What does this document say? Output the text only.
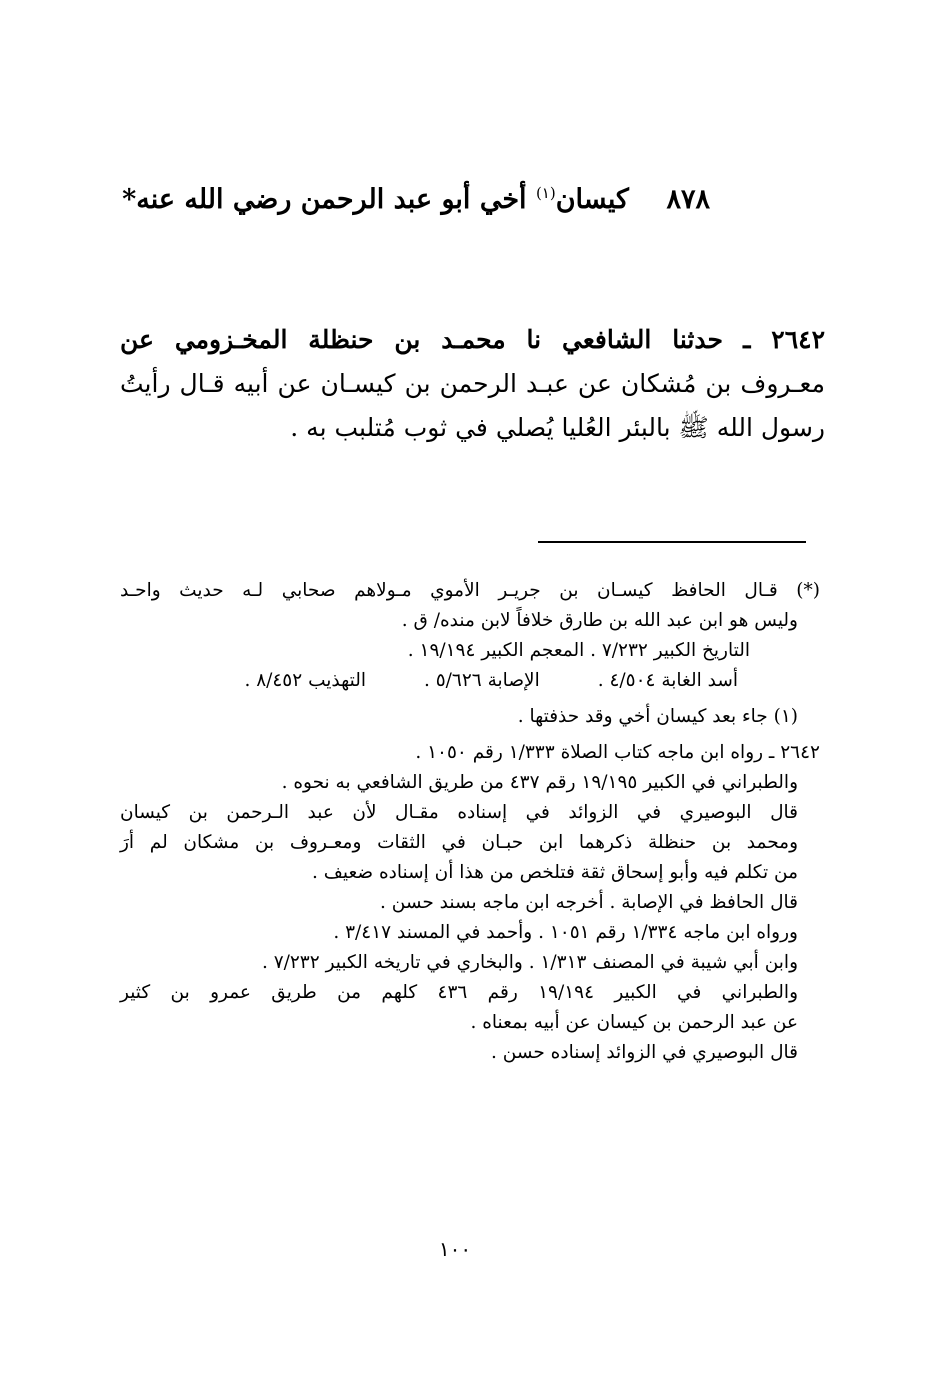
٨٧٨    كيسان$^{(١)}$ أخي أبو عبد الرحمن رضي الله عنه*
٢٦٤٢ ـ حدثنا الشافعي نا محمـد بن حنظلة المخـزومي عن
معـروف بن مُشكان عن عبـد الرحمن بن كيسـان عن أبيه قـال رأيتُ
رسول الله ﷺ بالبئر العُليا يُصلي في ثوب مُتلبب به .
(*) قـال الحافظ كيسـان بن جريـر الأموي مـولاهم صحابي لـه حديث واحـد
وليس هو ابن عبد الله بن طارق خلافاً لابن منده/ ق .
التاريخ الكبير ٧/٢٣٢ . المعجم الكبير ١٩/١٩٤ .
أسد الغابة ٤/٥٠٤ .
الإصابة ٥/٦٢٦ .
التهذيب ٨/٤٥٢ .
(١) جاء بعد كيسان أخي وقد حذفتها .
٢٦٤٢ ـ رواه ابن ماجه كتاب الصلاة ١/٣٣٣ رقم ١٠٥٠ .
والطبراني في الكبير ١٩/١٩٥ رقم ٤٣٧ من طريق الشافعي به نحوه .
قال البوصيري في الزوائد في إسناده مقـال لأن عبد الـرحمن بن كيسان
ومحمد بن حنظلة ذكرهما ابن حبـان في الثقات ومعـروف بن مشكان لم أرَ
من تكلم فيه وأبو إسحاق ثقة فتلخص من هذا أن إسناده ضعيف .
قال الحافظ في الإصابة . أخرجه ابن ماجه بسند حسن .
ورواه ابن ماجه ١/٣٣٤ رقم ١٠٥١ . وأحمد في المسند ٣/٤١٧ .
وابن أبي شيبة في المصنف ١/٣١٣ . والبخاري في تاريخه الكبير ٧/٢٣٢ .
والطبراني في الكبير ١٩/١٩٤ رقم ٤٣٦ كلهم من طريق عمرو بن كثير
عن عبد الرحمن بن كيسان عن أبيه بمعناه .
قال البوصيري في الزوائد إسناده حسن .
١٠٠
